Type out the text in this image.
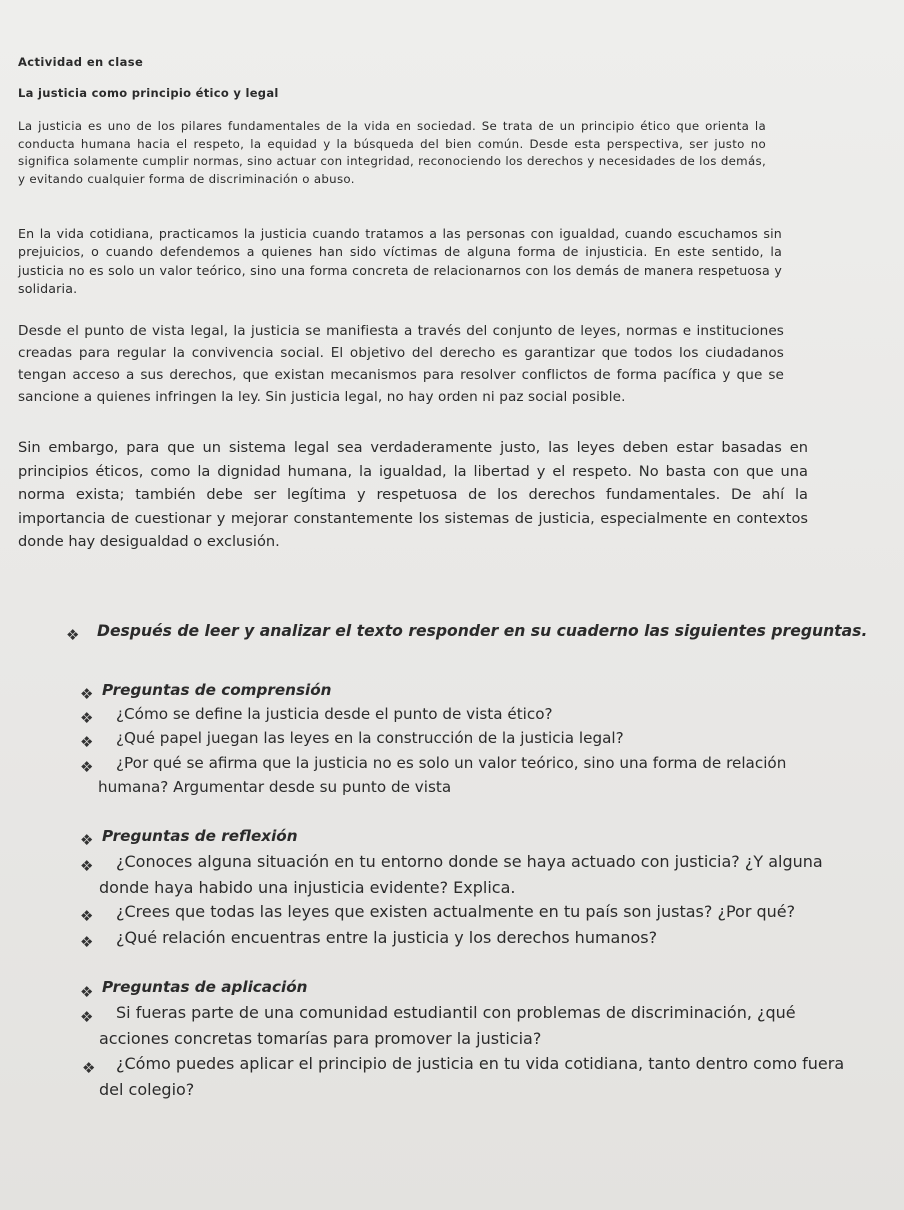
Actividad en clase
La justicia como principio ético y legal

La justicia es uno de los pilares fundamentales de la vida en sociedad. Se trata de un principio ético que orienta la conducta humana hacia el respeto, la equidad y la búsqueda del bien común. Desde esta perspectiva, ser justo no significa solamente cumplir normas, sino actuar con integridad, reconociendo los derechos y necesidades de los demás, y evitando cualquier forma de discriminación o abuso.

En la vida cotidiana, practicamos la justicia cuando tratamos a las personas con igualdad, cuando escuchamos sin prejuicios, o cuando defendemos a quienes han sido víctimas de alguna forma de injusticia. En este sentido, la justicia no es solo un valor teórico, sino una forma concreta de relacionarnos con los demás de manera respetuosa y solidaria.

Desde el punto de vista legal, la justicia se manifiesta a través del conjunto de leyes, normas e instituciones creadas para regular la convivencia social. El objetivo del derecho es garantizar que todos los ciudadanos tengan acceso a sus derechos, que existan mecanismos para resolver conflictos de forma pacífica y que se sancione a quienes infringen la ley. Sin justicia legal, no hay orden ni paz social posible.

Sin embargo, para que un sistema legal sea verdaderamente justo, las leyes deben estar basadas en principios éticos, como la dignidad humana, la igualdad, la libertad y el respeto. No basta con que una norma exista; también debe ser legítima y respetuosa de los derechos fundamentales. De ahí la importancia de cuestionar y mejorar constantemente los sistemas de justicia, especialmente en contextos donde hay desigualdad o exclusión.

❖ Después de leer y analizar el texto responder en su cuaderno las siguientes preguntas.
❖ Preguntas de comprensión
❖ ¿Cómo se define la justicia desde el punto de vista ético?
❖ ¿Qué papel juegan las leyes en la construcción de la justicia legal?
❖ ¿Por qué se afirma que la justicia no es solo un valor teórico, sino una forma de relación
humana? Argumentar desde su punto de vista
❖ Preguntas de reflexión
❖ ¿Conoces alguna situación en tu entorno donde se haya actuado con justicia? ¿Y alguna
donde haya habido una injusticia evidente? Explica.
❖ ¿Crees que todas las leyes que existen actualmente en tu país son justas? ¿Por qué?
❖ ¿Qué relación encuentras entre la justicia y los derechos humanos?
❖ Preguntas de aplicación
❖ Si fueras parte de una comunidad estudiantil con problemas de discriminación, ¿qué
acciones concretas tomarías para promover la justicia?
❖ ¿Cómo puedes aplicar el principio de justicia en tu vida cotidiana, tanto dentro como fuera
del colegio?
